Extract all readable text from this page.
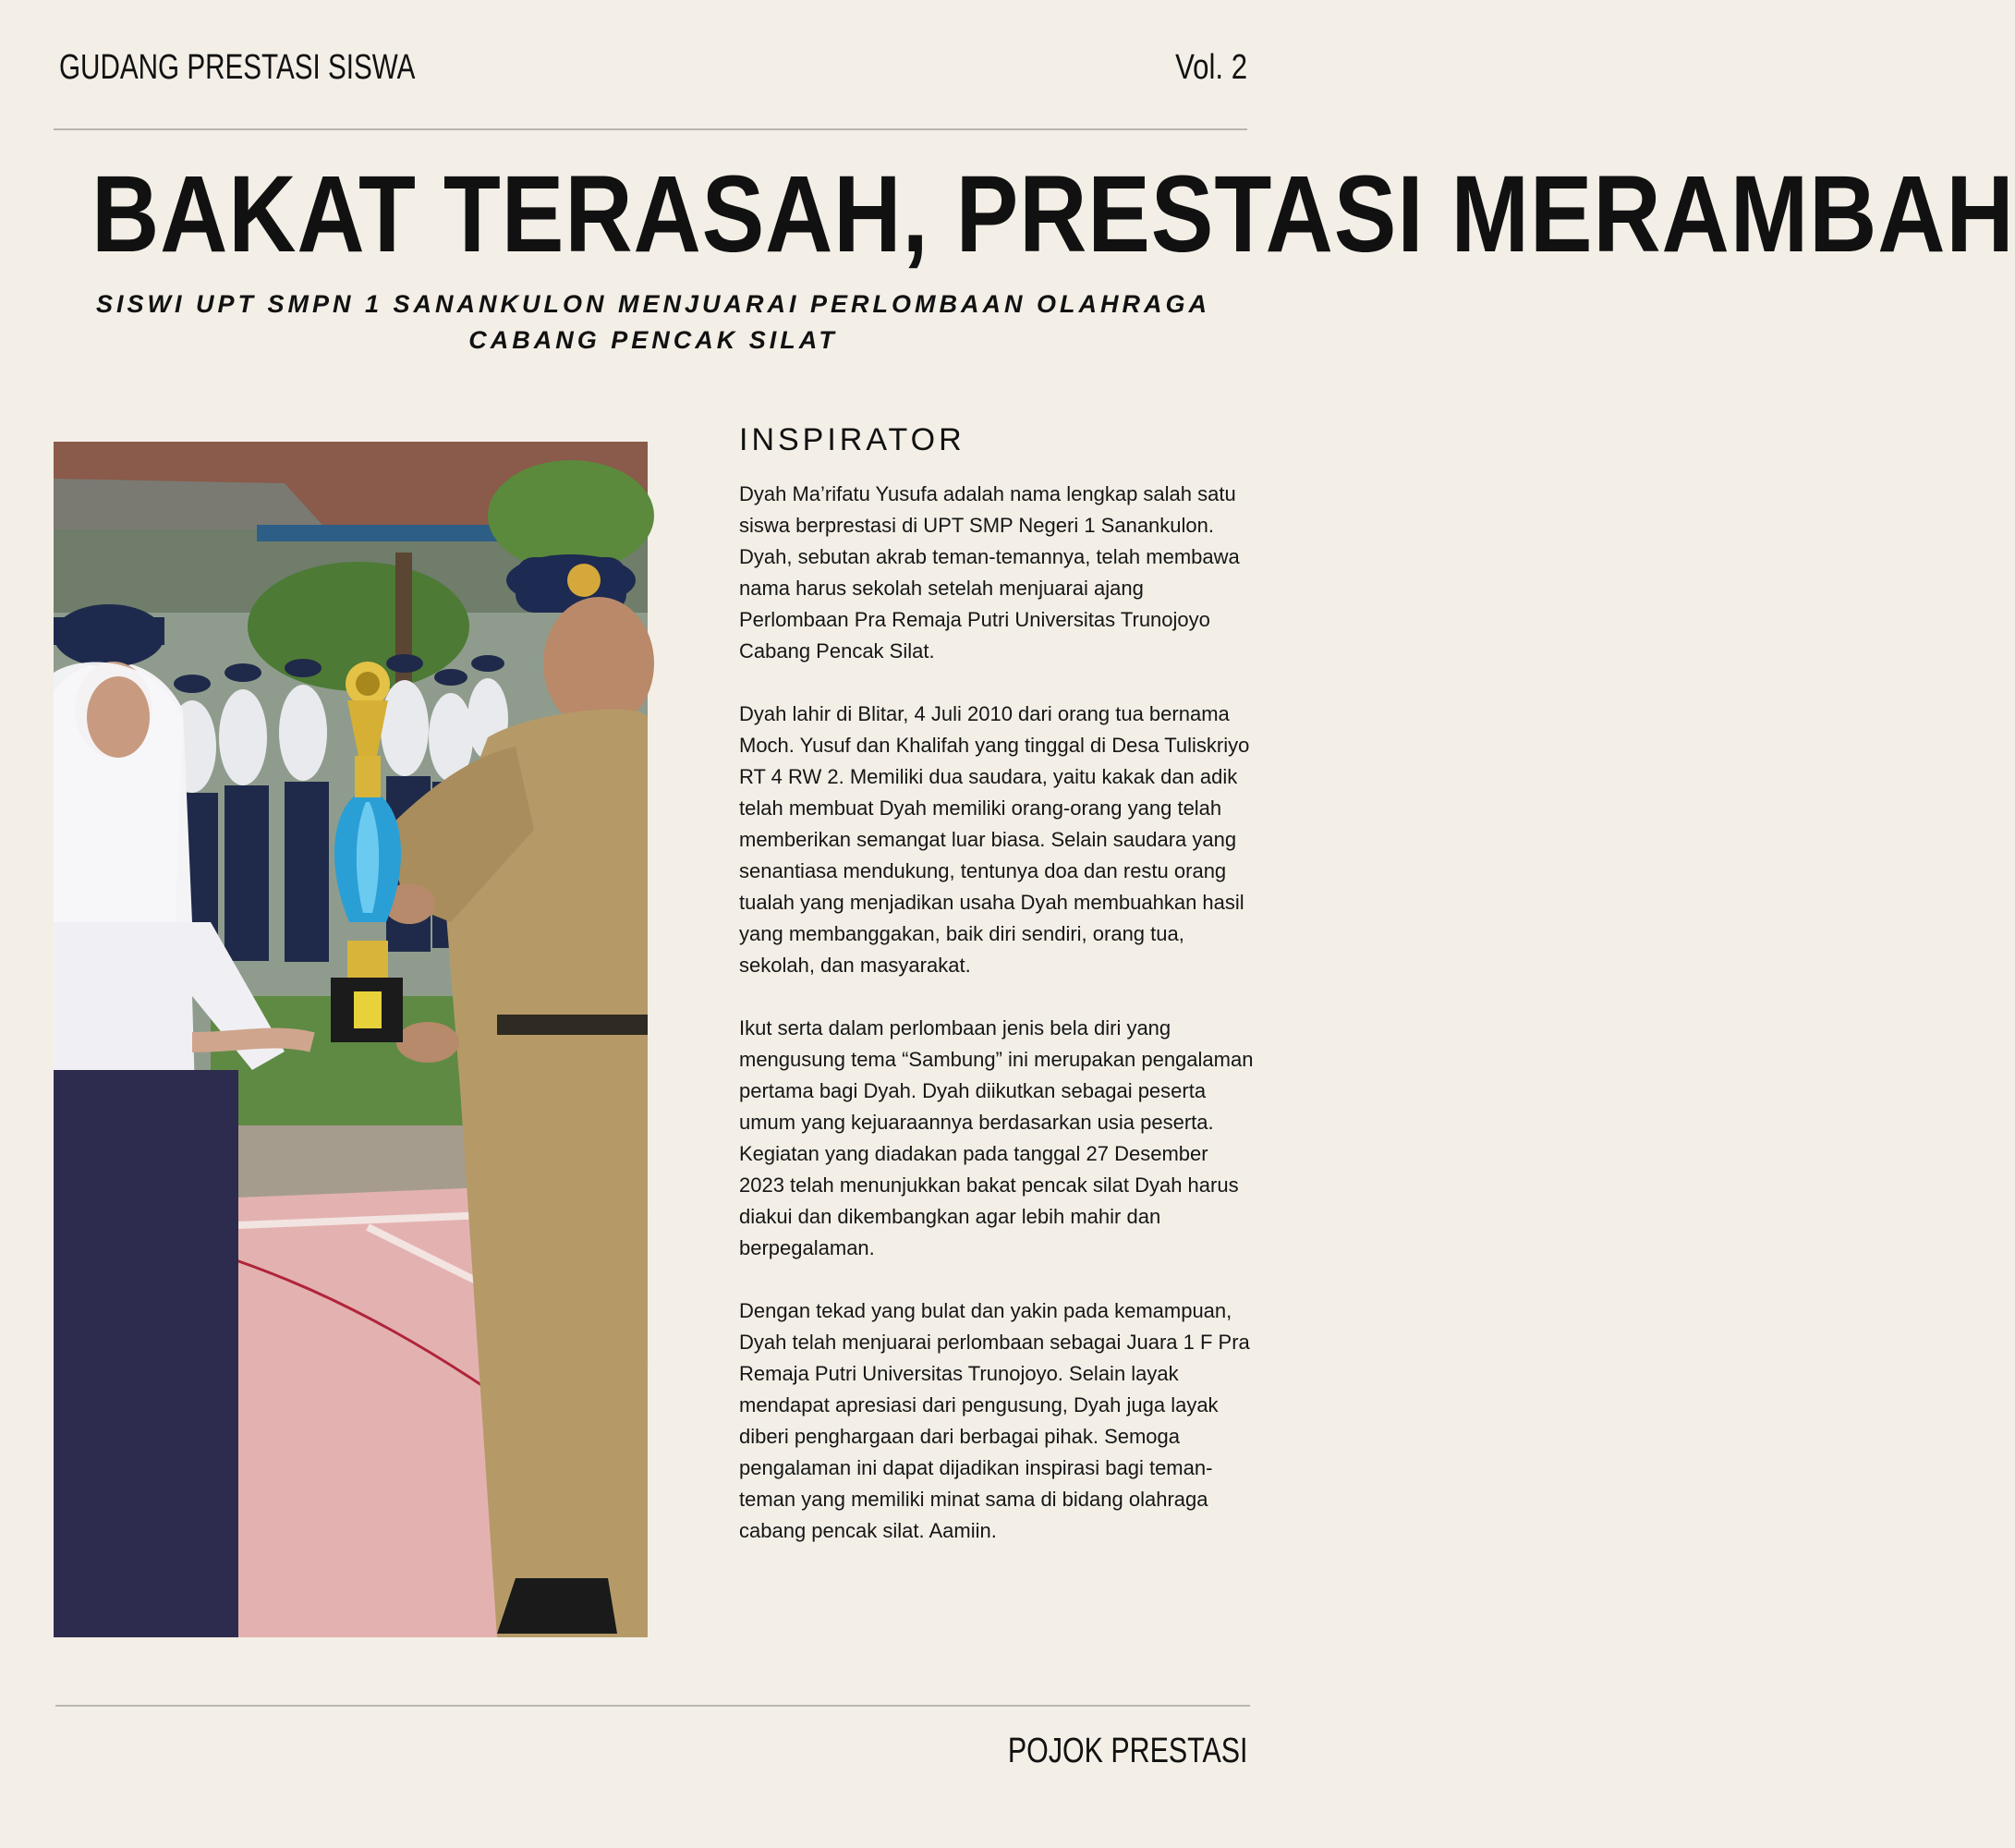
GUDANG PRESTASI SISWA	Vol. 2
BAKAT TERASAH, PRESTASI MERAMBAH
SISWI UPT SMPN 1 SANANKULON MENJUARAI PERLOMBAAN OLAHRAGA CABANG PENCAK SILAT
INSPIRATOR

Dyah Ma’rifatu Yusufa adalah nama lengkap salah satu siswa berprestasi di UPT SMP Negeri 1 Sanankulon. Dyah, sebutan akrab teman-temannya, telah membawa nama harus sekolah setelah menjuarai ajang Perlombaan Pra Remaja Putri Universitas Trunojoyo Cabang Pencak Silat.

Dyah lahir di Blitar, 4 Juli 2010 dari orang tua bernama Moch. Yusuf dan Khalifah yang tinggal di Desa Tuliskriyo RT 4 RW 2. Memiliki dua saudara, yaitu kakak dan adik telah membuat Dyah memiliki orang-orang yang telah memberikan semangat luar biasa. Selain saudara yang senantiasa mendukung, tentunya doa dan restu orang tualah yang menjadikan usaha Dyah membuahkan hasil yang membanggakan, baik diri sendiri, orang tua, sekolah, dan masyarakat.

Ikut serta dalam perlombaan jenis bela diri yang mengusung tema “Sambung” ini merupakan pengalaman pertama bagi Dyah. Dyah diikutkan sebagai peserta umum yang kejuaraannya berdasarkan usia peserta. Kegiatan yang diadakan pada tanggal 27 Desember 2023 telah menunjukkan bakat pencak silat Dyah harus diakui dan dikembangkan agar lebih mahir dan berpegalaman.

Dengan tekad yang bulat dan yakin pada kemampuan, Dyah telah menjuarai perlombaan sebagai Juara 1 F Pra Remaja Putri Universitas Trunojoyo. Selain layak mendapat apresiasi dari pengusung, Dyah juga layak diberi penghargaan dari berbagai pihak. Semoga pengalaman ini dapat dijadikan inspirasi bagi teman-teman yang memiliki minat sama di bidang olahraga cabang pencak silat. Aamiin.

POJOK PRESTASI
